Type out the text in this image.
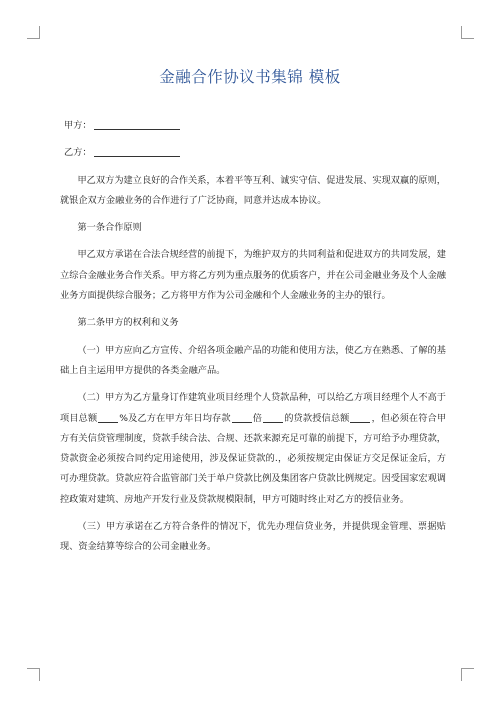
金融合作协议书集锦 模板

甲方：

乙方：

甲乙双方为建立良好的合作关系，本着平等互利、诚实守信、促进发展、实现双赢的原则，就银企双方金融业务的合作进行了广泛协商，同意并达成本协议。

第一条合作原则

甲乙双方承诺在合法合规经营的前提下，为维护双方的共同利益和促进双方的共同发展，建立综合金融业务合作关系。甲方将乙方列为重点服务的优质客户，并在公司金融业务及个人金融业务方面提供综合服务；乙方将甲方作为公司金融和个人金融业务的主办的银行。

第二条甲方的权利和义务

（一）甲方应向乙方宣传、介绍各项金融产品的功能和使用方法，使乙方在熟悉、了解的基础上自主运用甲方提供的各类金融产品。

（二）甲方为乙方量身订作建筑业项目经理个人贷款品种，可以给乙方项目经理个人不高于项目总额 %及乙方在甲方年日均存款 倍 的贷款授信总额 ，但必须在符合甲方有关信贷管理制度，贷款手续合法、合规、还款来源充足可靠的前提下，方可给予办理贷款，贷款资金必须按合同约定用途使用，涉及保证贷款的.，必须按规定由保证方交足保证金后，方可办理贷款。贷款应符合监管部门关于单户贷款比例及集团客户贷款比例规定。因受国家宏观调控政策对建筑、房地产开发行业及贷款规模限制，甲方可随时终止对乙方的授信业务。

（三）甲方承诺在乙方符合条件的情况下，优先办理信贷业务，并提供现金管理、票据贴现、资金结算等综合的公司金融业务。
